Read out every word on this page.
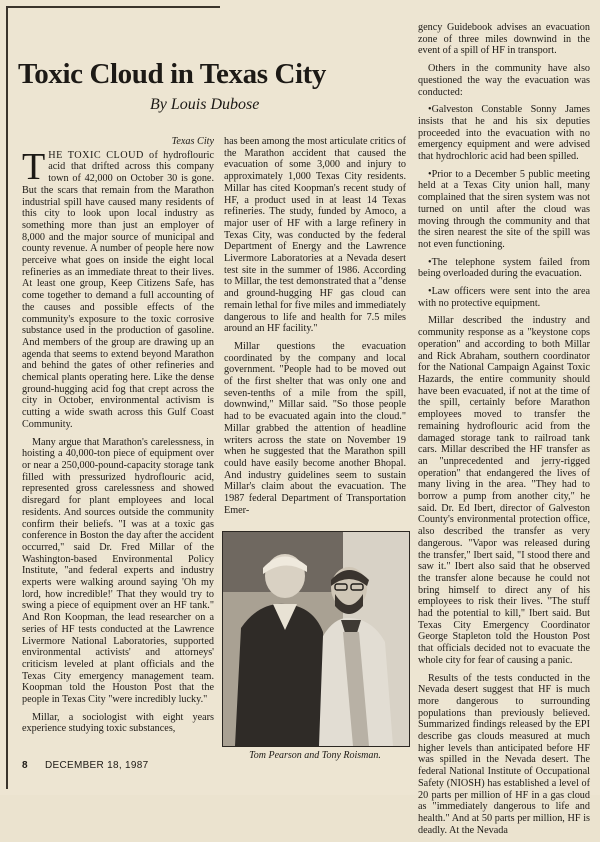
Toxic Cloud in Texas City
By Louis Dubose
Texas City

THE TOXIC CLOUD of hydroflouric acid that drifted across this company town of 42,000 on October 30 is gone. But the scars that remain from the Marathon industrial spill have caused many residents of this city to look upon local industry as something more than just an employer of 8,000 and the major source of municipal and county revenue. A number of people here now perceive what goes on inside the eight local refineries as an immediate threat to their lives. At least one group, Keep Citizens Safe, has come together to demand a full accounting of the causes and possible effects of the community's exposure to the toxic corrosive substance used in the production of gasoline. And members of the group are drawing up an agenda that seems to extend beyond Marathon and behind the gates of other refineries and chemical plants operating here. Like the dense ground-hugging acid fog that crept across the city in October, environmental activism is cutting a wide swath across this Gulf Coast Community.

Many argue that Marathon's carelessness, in hoisting a 40,000-ton piece of equipment over or near a 250,000-pound-capacity storage tank filled with pressurized hydroflouric acid, represented gross carelessness and showed disregard for plant employees and local residents. And sources outside the community confirm their beliefs. "I was at a toxic gas conference in Boston the day after the accident occurred," said Dr. Fred Millar of the Washington-based Environmental Policy Institute, "and federal experts and industry experts were walking around saying 'Oh my lord, how incredible!' That they would try to swing a piece of equipment over an HF tank." And Ron Koopman, the lead researcher on a series of HF tests conducted at the Lawrence Livermore National Laboratories, supported environmental activists' and attorneys' criticism leveled at plant officials and the Texas City emergency management team. Koopman told the Houston Post that the people in Texas City "were incredibly lucky."

Millar, a sociologist with eight years experience studying toxic substances,

has been among the most articulate critics of the Marathon accident that caused the evacuation of some 3,000 and injury to approximately 1,000 Texas City residents. Millar has cited Koopman's recent study of HF, a product used in at least 14 Texas refineries. The study, funded by Amoco, a major user of HF with a large refinery in Texas City, was conducted by the federal Department of Energy and the Lawrence Livermore Laboratories at a Nevada desert test site in the summer of 1986. According to Millar, the test demonstrated that a "dense and ground-hugging HF gas cloud can remain lethal for five miles and immediately dangerous to life and health for 7.5 miles around an HF facility."

Millar questions the evacuation coordinated by the company and local government. "People had to be moved out of the first shelter that was only one and seven-tenths of a mile from the spill, downwind," Millar said. "So those people had to be evacuated again into the cloud." Millar grabbed the attention of headline writers across the state on November 19 when he suggested that the Marathon spill could have easily become another Bhopal. And industry guidelines seem to sustain Millar's claim about the evacuation. The 1987 federal Department of Transportation Emer-

Tom Pearson and Tony Roisman.

gency Guidebook advises an evacuation zone of three miles downwind in the event of a spill of HF in transport.

Others in the community have also questioned the way the evacuation was conducted:

•Galveston Constable Sonny James insists that he and his six deputies proceeded into the evacuation with no emergency equipment and were advised that hydrochloric acid had been spilled.

•Prior to a December 5 public meeting held at a Texas City union hall, many complained that the siren system was not turned on until after the cloud was moving through the community and that the siren nearest the site of the spill was not even functioning.

•The telephone system failed from being overloaded during the evacuation.

•Law officers were sent into the area with no protective equipment.

Millar described the industry and community response as a "keystone cops operation" and according to both Millar and Rick Abraham, southern coordinator for the National Campaign Against Toxic Hazards, the entire community should have been evacuated, if not at the time of the spill, certainly before Marathon employees moved to transfer the remaining hydroflouric acid from the damaged storage tank to railroad tank cars. Millar described the HF transfer as an "unprecedented and jerry-rigged operation" that endangered the lives of many living in the area. "They had to borrow a pump from another city," he said. Dr. Ed Ibert, director of Galveston County's environmental protection office, also described the transfer as very dangerous. "Vapor was released during the transfer," Ibert said, "I stood there and saw it." Ibert also said that he observed the transfer alone because he could not bring himself to direct any of his employees to risk their lives. "The stuff had the potential to kill," Ibert said. But Texas City Emergency Coordinator George Stapleton told the Houston Post that officials decided not to evacuate the whole city for fear of causing a panic.

Results of the tests conducted in the Nevada desert suggest that HF is much more dangerous to surrounding populations than previously believed. Summarized findings released by the EPI describe gas clouds measured at much higher levels than anticipated before HF was spilled in the Nevada desert. The federal National Institute of Occupational Safety (NIOSH) has established a level of 20 parts per million of HF in a gas cloud as "immediately dangerous to life and health." And at 50 parts per million, HF is deadly. At the Nevada

8 DECEMBER 18, 1987
